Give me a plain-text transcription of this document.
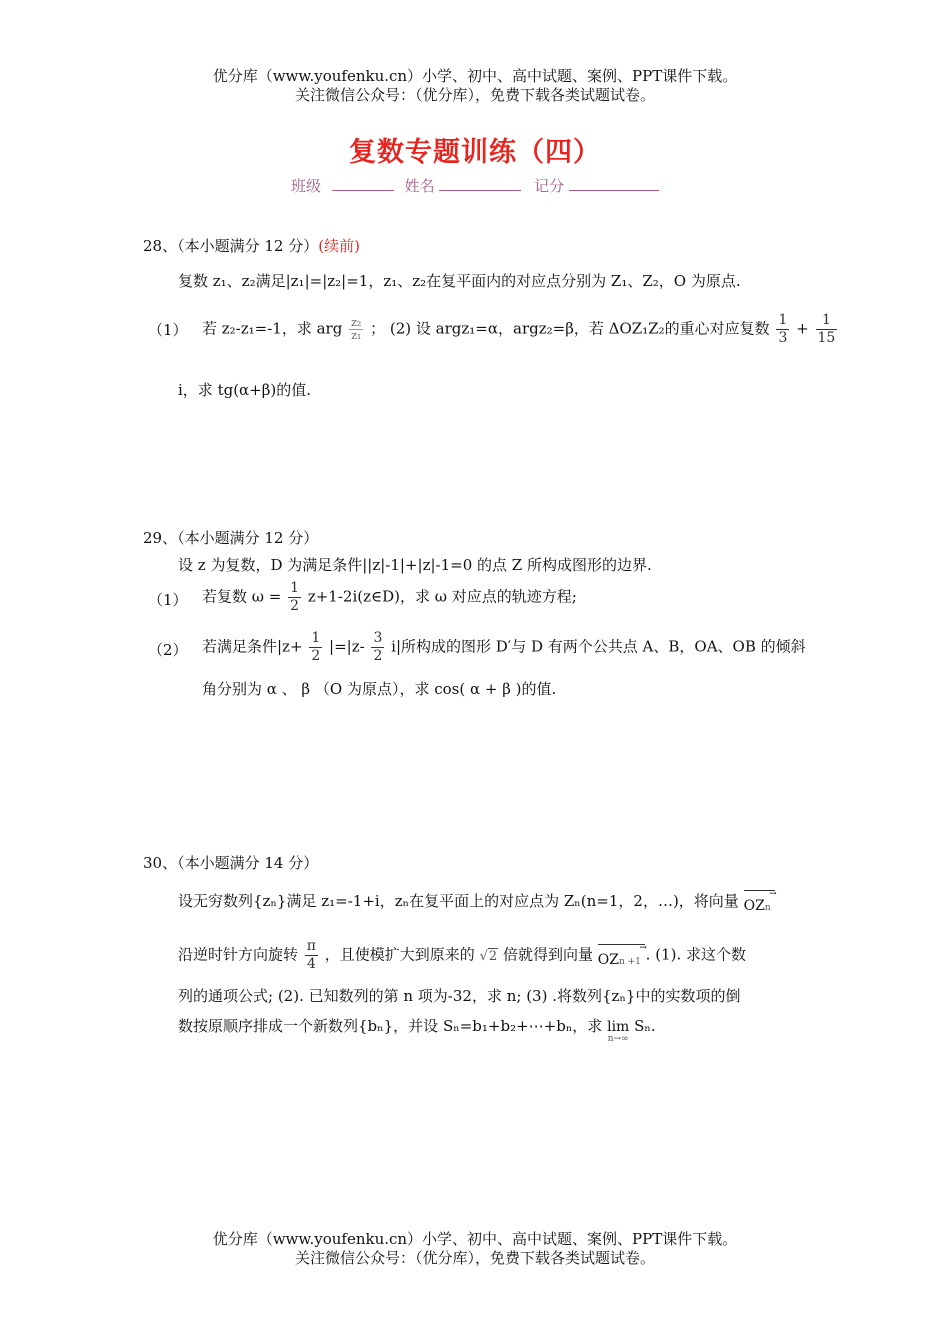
优分库（www.youfenku.cn）小学、初中、高中试题、案例、PPT课件下载。
关注微信公众号：（优分库），免费下载各类试题试卷。
复数专题训练（四）
班级	姓名	记分
28、（本小题满分 12 分）(续前)
复数 z₁、z₂满足|z₁|=|z₂|=1，z₁、z₂在复平面内的对应点分别为 Z₁、Z₂，O 为原点.
（1） 若 z₂-z₁=-1，求 arg $\frac{\text{z₂}}{\text{z₁}}$ ； (2) 设 argz₁=α，argz₂=β，若 ΔOZ₁Z₂的重心对应复数 $\frac{1}{3} + \frac{1}{15}$
i，求 tg(α+β)的值.
29、（本小题满分 12 分）
设 z 为复数，D 为满足条件||z|-1|+|z|-1=0 的点 Z 所构成图形的边界.
（1） 若复数 $\omega = \frac{1}{2}$ z+1-2i(z∈D)，求 ω 对应点的轨迹方程;
（2） 若满足条件$|z+ \frac{1}{2} |=|z- \frac{3}{2} i|$所构成的图形 D′与 D 有两个公共点 A、B，OA、OB 的倾斜
角分别为 α 、 β （O 为原点），求 cos( α + β )的值.
30、（本小题满分 14 分）
设无穷数列{zₙ}满足 z₁=-1+i，zₙ在复平面上的对应点为 Zₙ(n=1，2，…)，将向量	→
OZn
沿逆时针方向旋转 $\frac{\pi}{4}$ ，且使模扩大到原来的 √2 倍就得到向量	→
OZn +1 . (1). 求这个数
列的通项公式; (2). 已知数列的第 n 项为-32，求 n; (3) .将数列{zₙ}中的实数项的倒
数按原顺序排成一个新数列{bₙ}，并设 Sₙ=b₁+b₂+⋯+bₙ，求 lim
n→∞
Sₙ.
优分库（www.youfenku.cn）小学、初中、高中试题、案例、PPT课件下载。
关注微信公众号：（优分库），免费下载各类试题试卷。
